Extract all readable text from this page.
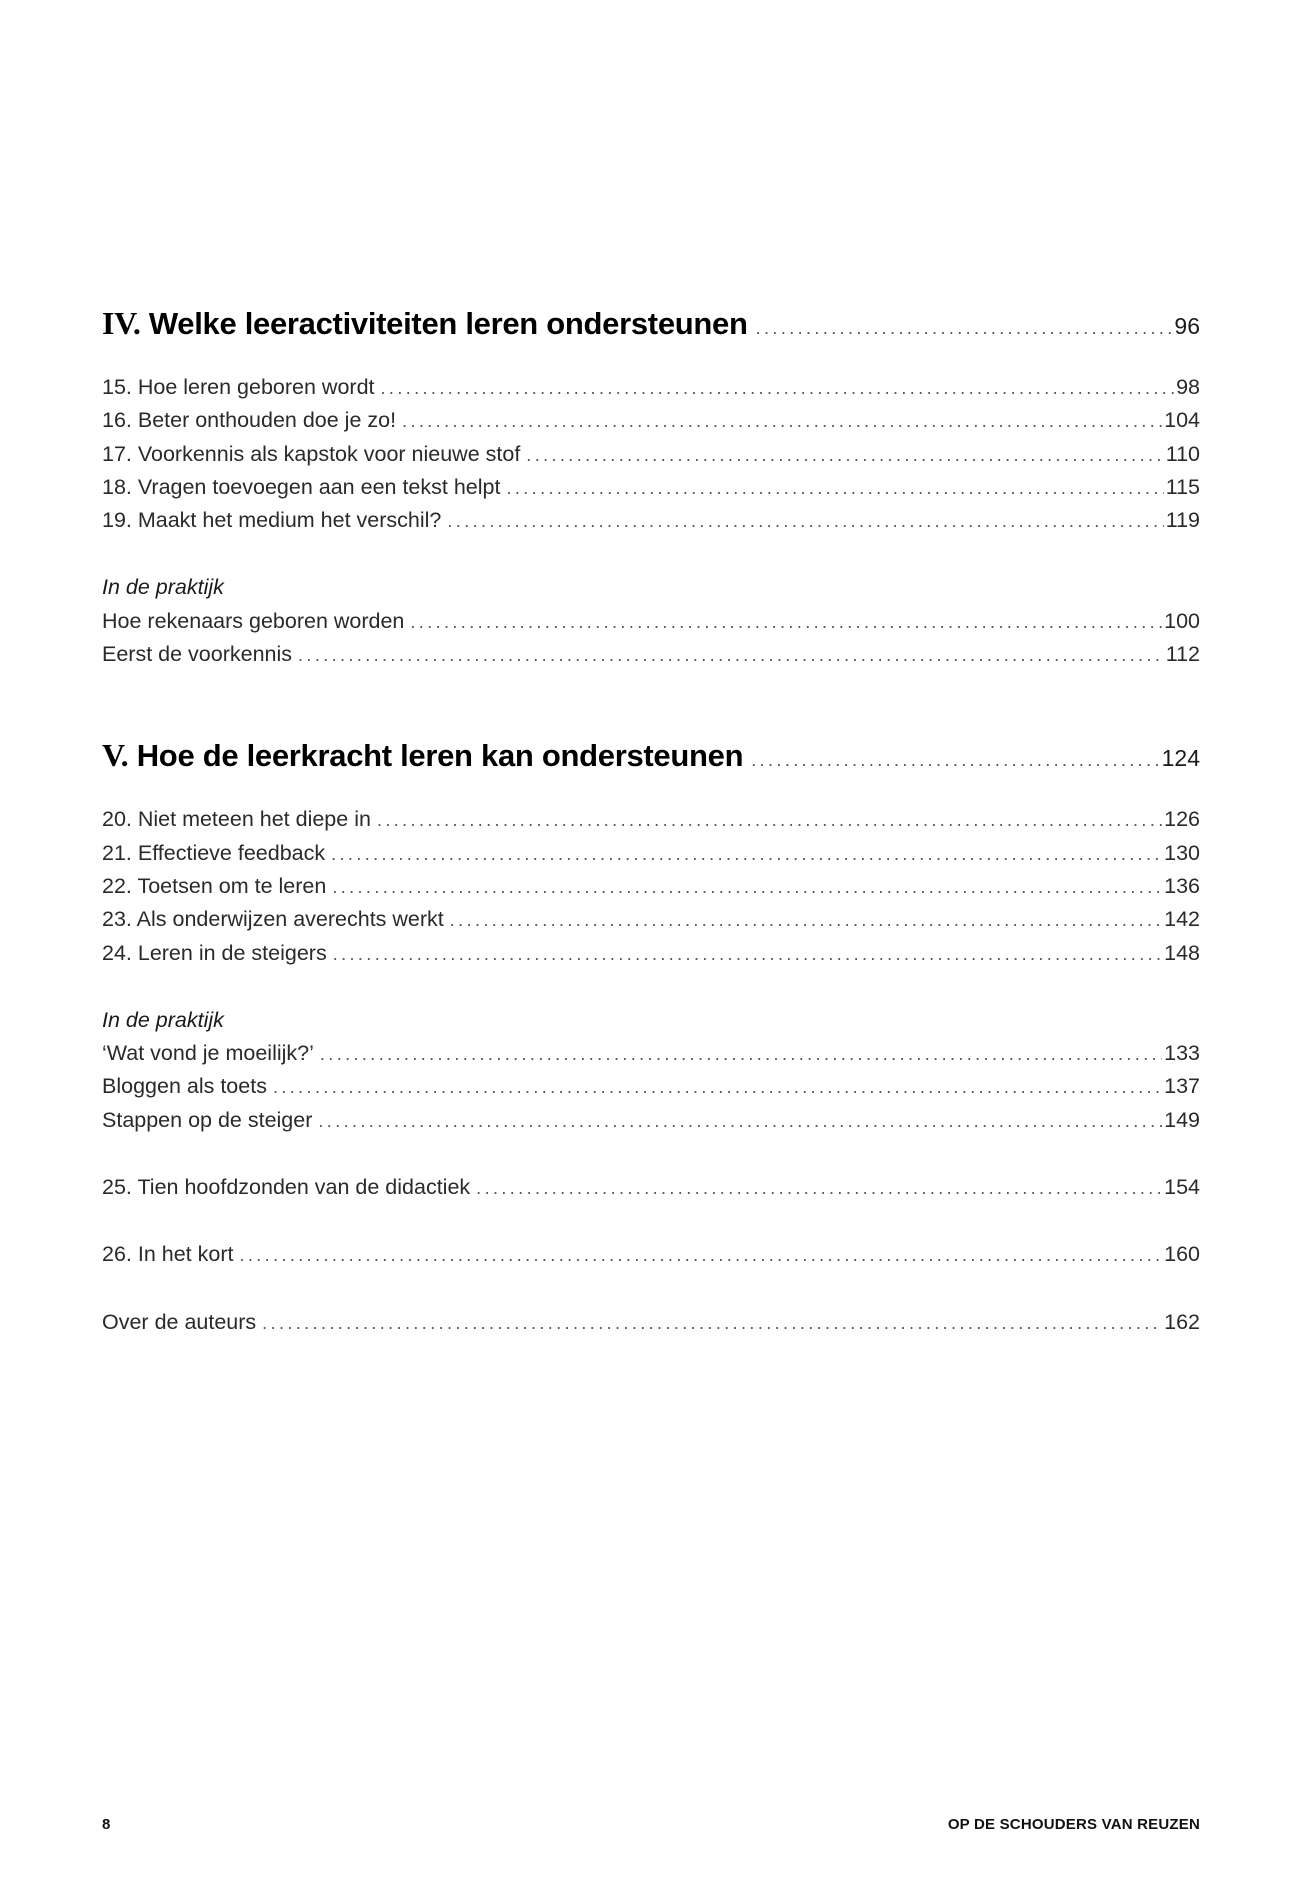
IV. Welke leeractiviteiten leren ondersteunen .....	96
15. Hoe leren geboren wordt .....	98
16. Beter onthouden doe je zo! .....	104
17. Voorkennis als kapstok voor nieuwe stof .....	110
18. Vragen toevoegen aan een tekst helpt .....	115
19. Maakt het medium het verschil? .....	119
In de praktijk
Hoe rekenaars geboren worden .....	100
Eerst de voorkennis .....	112
V. Hoe de leerkracht leren kan ondersteunen .....	124
20. Niet meteen het diepe in .....	126
21. Effectieve feedback .....	130
22. Toetsen om te leren .....	136
23. Als onderwijzen averechts werkt .....	142
24. Leren in de steigers .....	148
In de praktijk
‘Wat vond je moeilijk?’ .....	133
Bloggen als toets .....	137
Stappen op de steiger .....	149
25. Tien hoofdzonden van de didactiek .....	154
26. In het kort .....	160
Over de auteurs .....	162
8	OP DE SCHOUDERS VAN REUZEN
